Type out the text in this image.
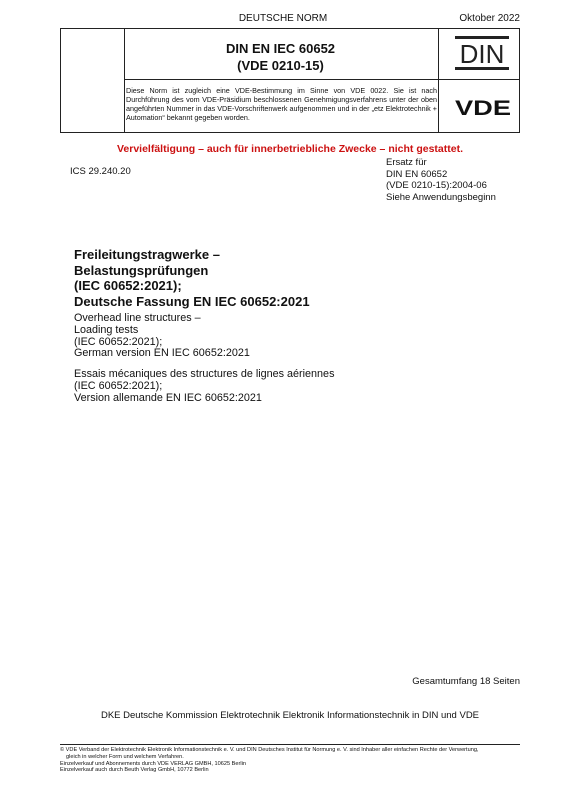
DEUTSCHE NORM	Oktober 2022
DIN EN IEC 60652
(VDE 0210-15)
Diese Norm ist zugleich eine VDE-Bestimmung im Sinne von VDE 0022. Sie ist nach Durchführung des vom VDE-Präsidium beschlossenen Genehmigungsverfahrens unter der oben angeführten Nummer in das VDE-Vorschriftenwerk aufgenommen und in der „etz Elektrotechnik + Automation“ bekannt gegeben worden.
DIN
VDE
Vervielfältigung – auch für innerbetriebliche Zwecke – nicht gestattet.
ICS 29.240.20
Ersatz für
DIN EN 60652
(VDE 0210-15):2004-06
Siehe Anwendungsbeginn
Freileitungstragwerke –
Belastungsprüfungen
(IEC 60652:2021);
Deutsche Fassung EN IEC 60652:2021
Overhead line structures –
Loading tests
(IEC 60652:2021);
German version EN IEC 60652:2021
Essais mécaniques des structures de lignes aériennes
(IEC 60652:2021);
Version allemande EN IEC 60652:2021
Gesamtumfang 18 Seiten
DKE Deutsche Kommission Elektrotechnik Elektronik Informationstechnik in DIN und VDE
© VDE Verband der Elektrotechnik Elektronik Informationstechnik e. V. und DIN Deutsches Institut für Normung e. V. sind Inhaber aller einfachen Rechte der Verwertung,
gleich in welcher Form und welchem Verfahren.
Einzelverkauf und Abonnements durch VDE VERLAG GMBH, 10625 Berlin
Einzelverkauf auch durch Beuth Verlag GmbH, 10772 Berlin
